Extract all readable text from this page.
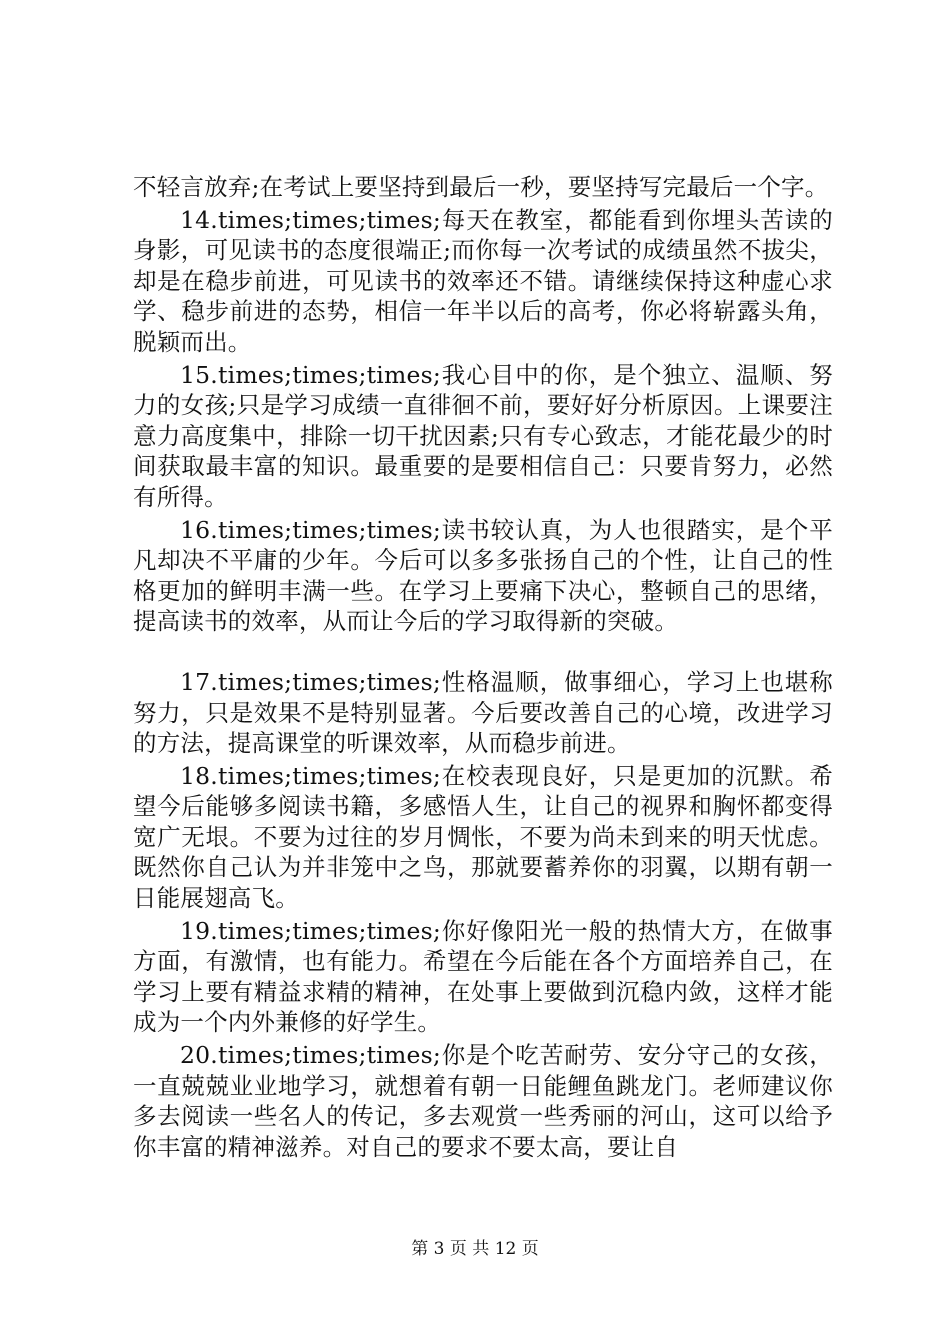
不轻言放弃;在考试上要坚持到最后一秒，要坚持写完最后一个字。

14.times;times;times;每天在教室，都能看到你埋头苦读的身影，可见读书的态度很端正;而你每一次考试的成绩虽然不拔尖，却是在稳步前进，可见读书的效率还不错。请继续保持这种虚心求学、稳步前进的态势，相信一年半以后的高考，你必将崭露头角，脱颖而出。

15.times;times;times;我心目中的你，是个独立、温顺、努力的女孩;只是学习成绩一直徘徊不前，要好好分析原因。上课要注意力高度集中，排除一切干扰因素;只有专心致志，才能花最少的时间获取最丰富的知识。最重要的是要相信自己：只要肯努力，必然有所得。

16.times;times;times;读书较认真，为人也很踏实，是个平凡却决不平庸的少年。今后可以多多张扬自己的个性，让自己的性格更加的鲜明丰满一些。在学习上要痛下决心，整顿自己的思绪，提高读书的效率，从而让今后的学习取得新的突破。

17.times;times;times;性格温顺，做事细心，学习上也堪称努力，只是效果不是特别显著。今后要改善自己的心境，改进学习的方法，提高课堂的听课效率，从而稳步前进。

18.times;times;times;在校表现良好，只是更加的沉默。希望今后能够多阅读书籍，多感悟人生，让自己的视界和胸怀都变得宽广无垠。不要为过往的岁月惆怅，不要为尚未到来的明天忧虑。既然你自己认为并非笼中之鸟，那就要蓄养你的羽翼，以期有朝一日能展翅高飞。

19.times;times;times;你好像阳光一般的热情大方，在做事方面，有激情，也有能力。希望在今后能在各个方面培养自己，在学习上要有精益求精的精神，在处事上要做到沉稳内敛，这样才能成为一个内外兼修的好学生。

20.times;times;times;你是个吃苦耐劳、安分守己的女孩，一直兢兢业业地学习，就想着有朝一日能鲤鱼跳龙门。老师建议你多去阅读一些名人的传记，多去观赏一些秀丽的河山，这可以给予你丰富的精神滋养。对自己的要求不要太高，要让自

第 3 页 共 12 页
